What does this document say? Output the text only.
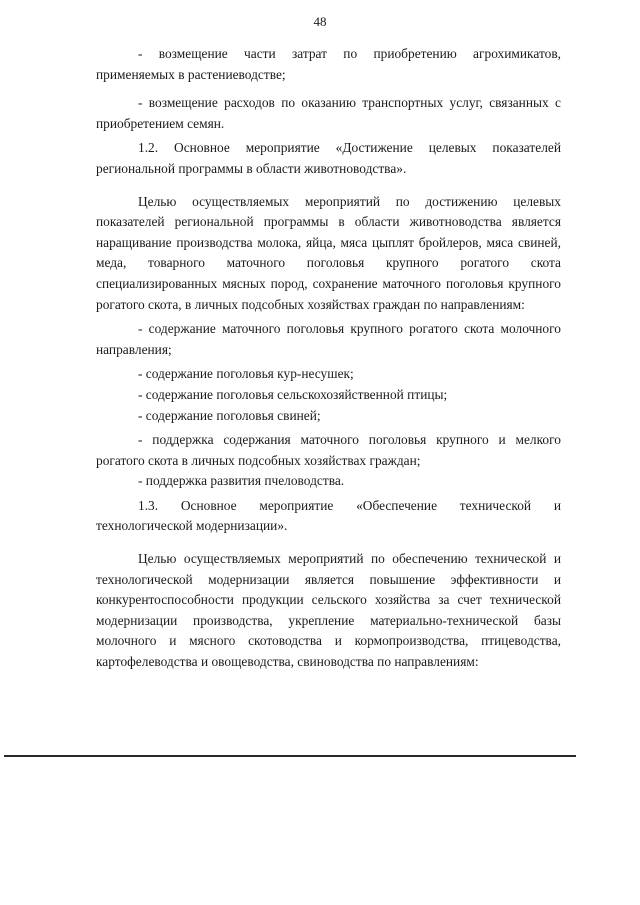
48

- возмещение части затрат по приобретению агрохимикатов, применяемых в растениеводстве;

- возмещение расходов по оказанию транспортных услуг, связанных с приобретением семян.

1.2. Основное мероприятие «Достижение целевых показателей региональной программы в области животноводства».

Целью осуществляемых мероприятий по достижению целевых показателей региональной программы в области животноводства является наращивание производства молока, яйца, мяса цыплят бройлеров, мяса свиней, меда, товарного маточного поголовья крупного рогатого скота специализированных мясных пород, сохранение маточного поголовья крупного рогатого скота, в личных подсобных хозяйствах граждан по направлениям:

- содержание маточного поголовья крупного рогатого скота молочного направления;

- содержание поголовья кур-несушек;

- содержание поголовья сельскохозяйственной птицы;

- содержание поголовья свиней;

- поддержка содержания маточного поголовья крупного и мелкого рогатого скота в личных подсобных хозяйствах граждан;

- поддержка развития пчеловодства.

1.3. Основное мероприятие «Обеспечение технической и технологической модернизации».

Целью осуществляемых мероприятий по обеспечению технической и технологической модернизации является повышение эффективности и конкурентоспособности продукции сельского хозяйства за счет технической модернизации производства, укрепление материально-технической базы молочного и мясного скотоводства и кормопроизводства, птицеводства, картофелеводства и овощеводства, свиноводства по направлениям:
